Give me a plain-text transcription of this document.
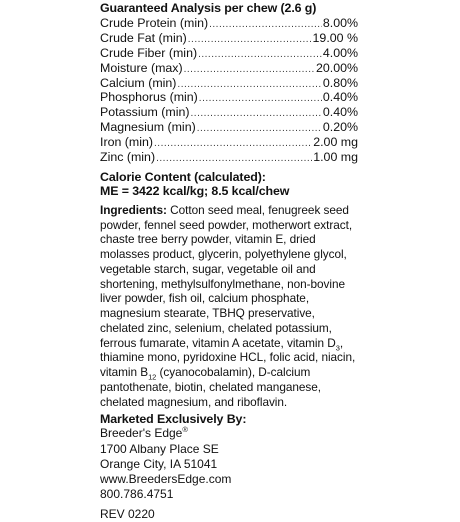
Guaranteed Analysis per chew (2.6 g)
Crude Protein (min) .....	8.00%
Crude Fat (min) .....	19.00 %
Crude Fiber (min) .....	4.00%
Moisture (max) .....	20.00%
Calcium (min) .....	0.80%
Phosphorus (min) .....	0.40%
Potassium (min) .....	0.40%
Magnesium (min) .....	0.20%
Iron (min) .....	2.00 mg
Zinc (min) .....	1.00 mg
Calorie Content (calculated):
ME = 3422 kcal/kg; 8.5 kcal/chew
Ingredients: Cotton seed meal, fenugreek seed powder, fennel seed powder, motherwort extract, chaste tree berry powder, vitamin E, dried molasses product, glycerin, polyethylene glycol, vegetable starch, sugar, vegetable oil and shortening, methylsulfonylmethane, non-bovine liver powder, fish oil, calcium phosphate, magnesium stearate, TBHQ preservative, chelated zinc, selenium, chelated potassium, ferrous fumarate, vitamin A acetate, vitamin $D_3$, thiamine mono, pyridoxine HCL, folic acid, niacin, vitamin $B_{12}$ (cyanocobalamin), D-calcium pantothenate, biotin, chelated manganese, chelated magnesium, and riboflavin.
Marketed Exclusively By:
Breeder's Edge®
1700 Albany Place SE
Orange City, IA 51041
www.BreedersEdge.com
800.786.4751
REV 0220
